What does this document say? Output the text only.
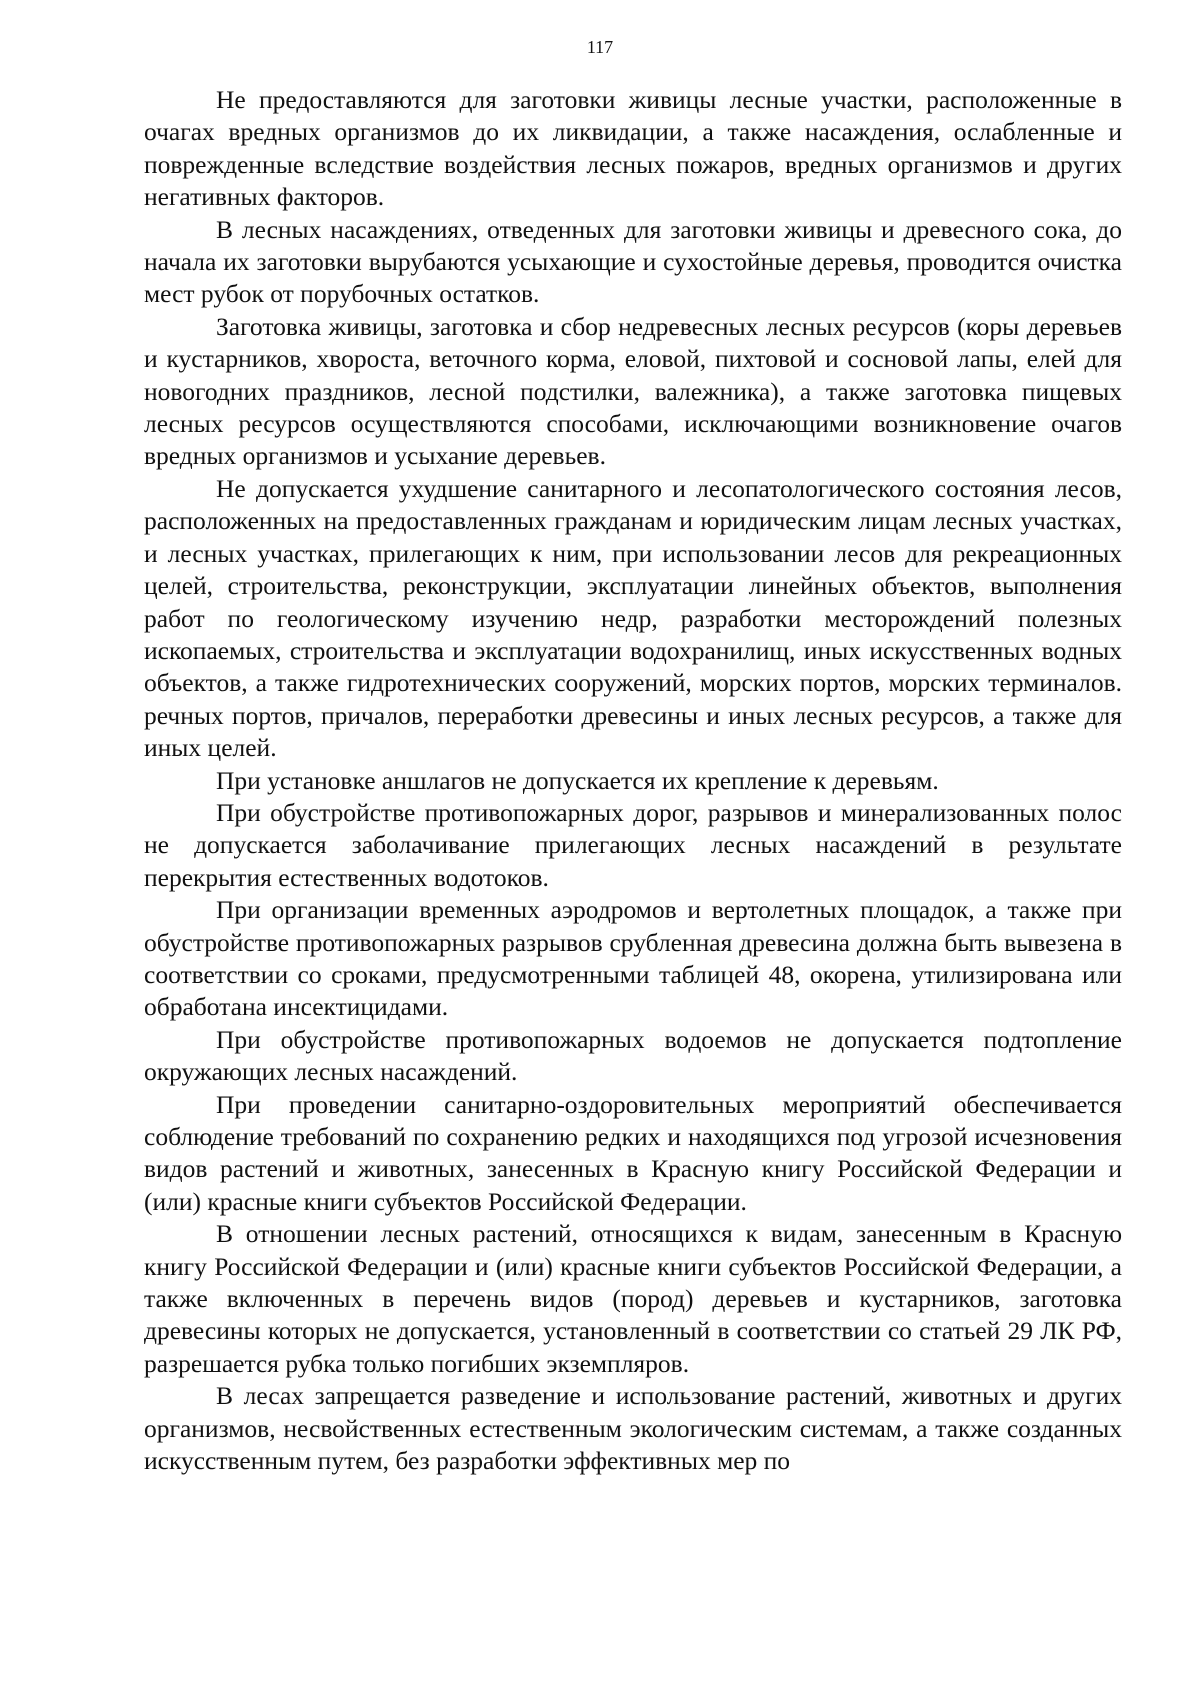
117

Не предоставляются для заготовки живицы лесные участки, расположенные в очагах вредных организмов до их ликвидации, а также насаждения, ослабленные и поврежденные вследствие воздействия лесных пожаров, вредных организмов и других негативных факторов.

В лесных насаждениях, отведенных для заготовки живицы и древесного сока, до начала их заготовки вырубаются усыхающие и сухостойные деревья, проводится очистка мест рубок от порубочных остатков.

Заготовка живицы, заготовка и сбор недревесных лесных ресурсов (коры деревьев и кустарников, хвороста, веточного корма, еловой, пихтовой и сосновой лапы, елей для новогодних праздников, лесной подстилки, валежника), а также заготовка пищевых лесных ресурсов осуществляются способами, исключающими возникновение очагов вредных организмов и усыхание деревьев.

Не допускается ухудшение санитарного и лесопатологического состояния лесов, расположенных на предоставленных гражданам и юридическим лицам лесных участках, и лесных участках, прилегающих к ним, при использовании лесов для рекреационных целей, строительства, реконструкции, эксплуатации линейных объектов, выполнения работ по геологическому изучению недр, разработки месторождений полезных ископаемых, строительства и эксплуатации водохранилищ, иных искусственных водных объектов, а также гидротехнических сооружений, морских портов, морских терминалов. речных портов, причалов, переработки древесины и иных лесных ресурсов, а также для иных целей.

При установке аншлагов не допускается их крепление к деревьям.

При обустройстве противопожарных дорог, разрывов и минерализованных полос не допускается заболачивание прилегающих лесных насаждений в результате перекрытия естественных водотоков.

При организации временных аэродромов и вертолетных площадок, а также при обустройстве противопожарных разрывов срубленная древесина должна быть вывезена в соответствии со сроками, предусмотренными таблицей 48, окорена, утилизирована или обработана инсектицидами.

При обустройстве противопожарных водоемов не допускается подтопление окружающих лесных насаждений.

При проведении санитарно-оздоровительных мероприятий обеспечивается соблюдение требований по сохранению редких и находящихся под угрозой исчезновения видов растений и животных, занесенных в Красную книгу Российской Федерации и (или) красные книги субъектов Российской Федерации.

В отношении лесных растений, относящихся к видам, занесенным в Красную книгу Российской Федерации и (или) красные книги субъектов Российской Федерации, а также включенных в перечень видов (пород) деревьев и кустарников, заготовка древесины которых не допускается, установленный в соответствии со статьей 29 ЛК РФ, разрешается рубка только погибших экземпляров.

В лесах запрещается разведение и использование растений, животных и других организмов, несвойственных естественным экологическим системам, а также созданных искусственным путем, без разработки эффективных мер по
